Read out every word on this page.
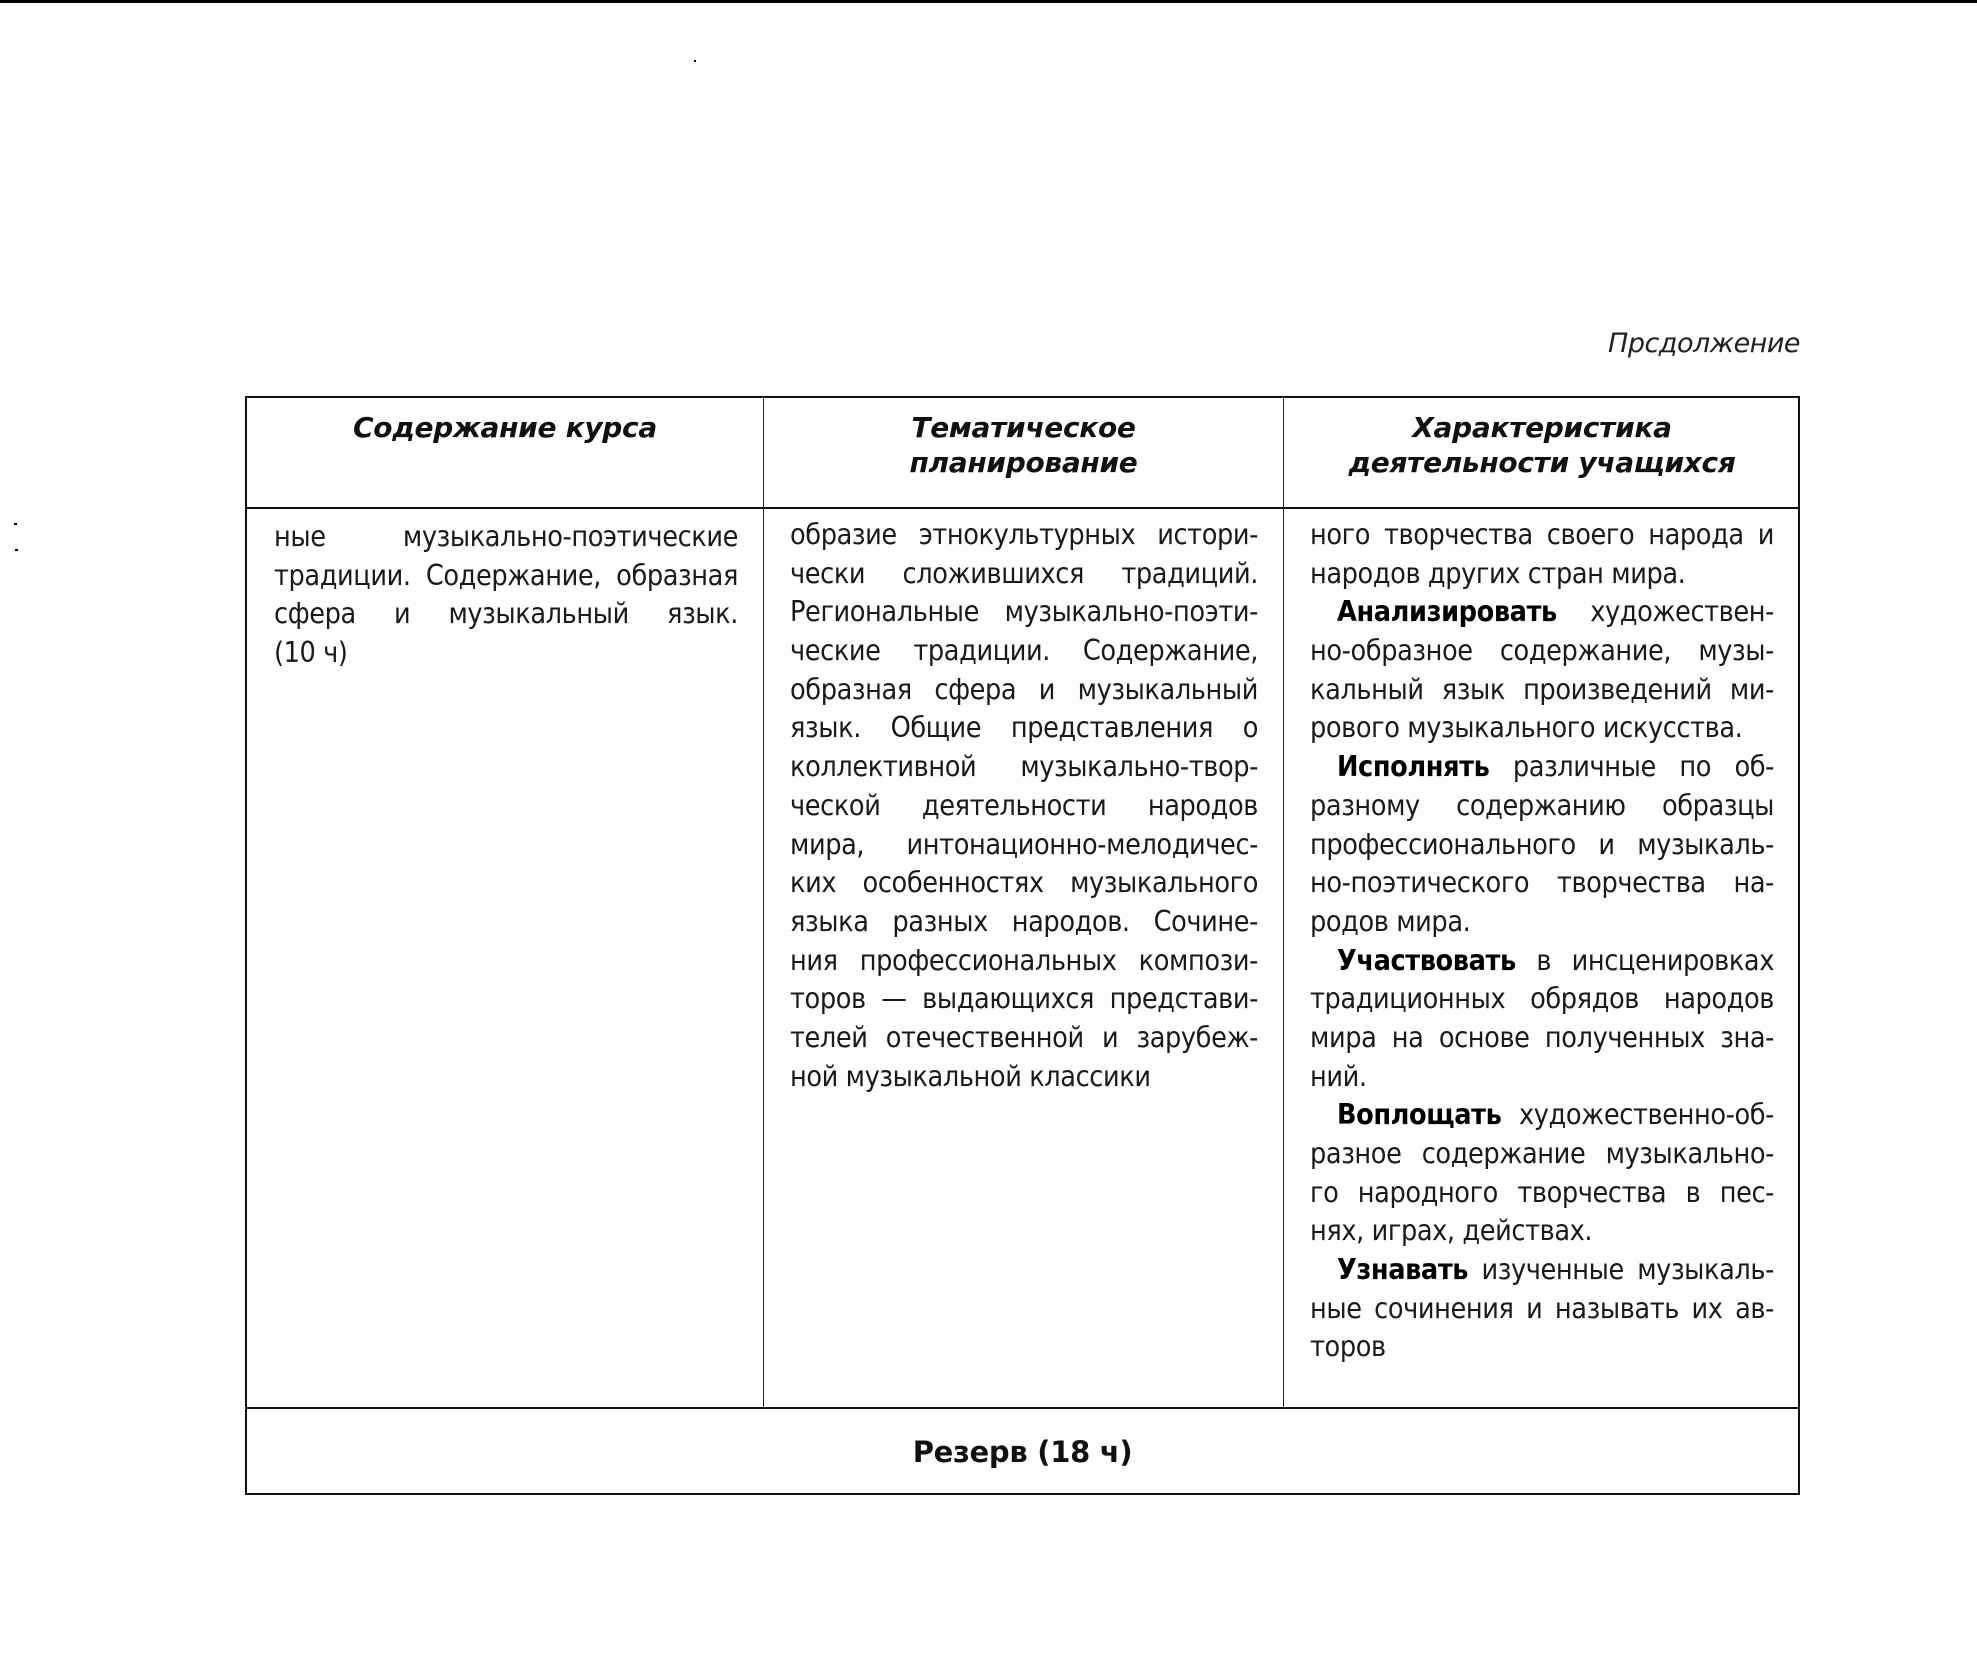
Прсдолжение
Содержание курса	Тематическое
планирование
Характеристика
деятельности учащихся
ные музыкально-поэтические
традиции. Содержание, образная
сфера и музыкальный язык.
(10 ч)
образие этнокультурных истори-
чески сложившихся традиций.
Региональные музыкально-поэти-
ческие традиции. Содержание,
образная сфера и музыкальный
язык. Общие представления о
коллективной музыкально-твор-
ческой деятельности народов
мира, интонационно-мелодичес-
ких особенностях музыкального
языка разных народов. Сочине-
ния профессиональных компози-
торов — выдающихся представи-
телей отечественной и зарубеж-
ной музыкальной классики
ного творчества своего народа и
народов других стран мира.
Анализировать художествен-
но-образное содержание, музы-
кальный язык произведений ми-
рового музыкального искусства.
Исполнять различные по об-
разному содержанию образцы
профессионального и музыкаль-
но-поэтического творчества на-
родов мира.
Участвовать в инсценировках
традиционных обрядов народов
мира на основе полученных зна-
ний.
Воплощать художественно-об-
разное содержание музыкально-
го народного творчества в пес-
нях, играх, действах.
Узнавать изученные музыкаль-
ные сочинения и называть их ав-
торов
Резерв (18 ч)
